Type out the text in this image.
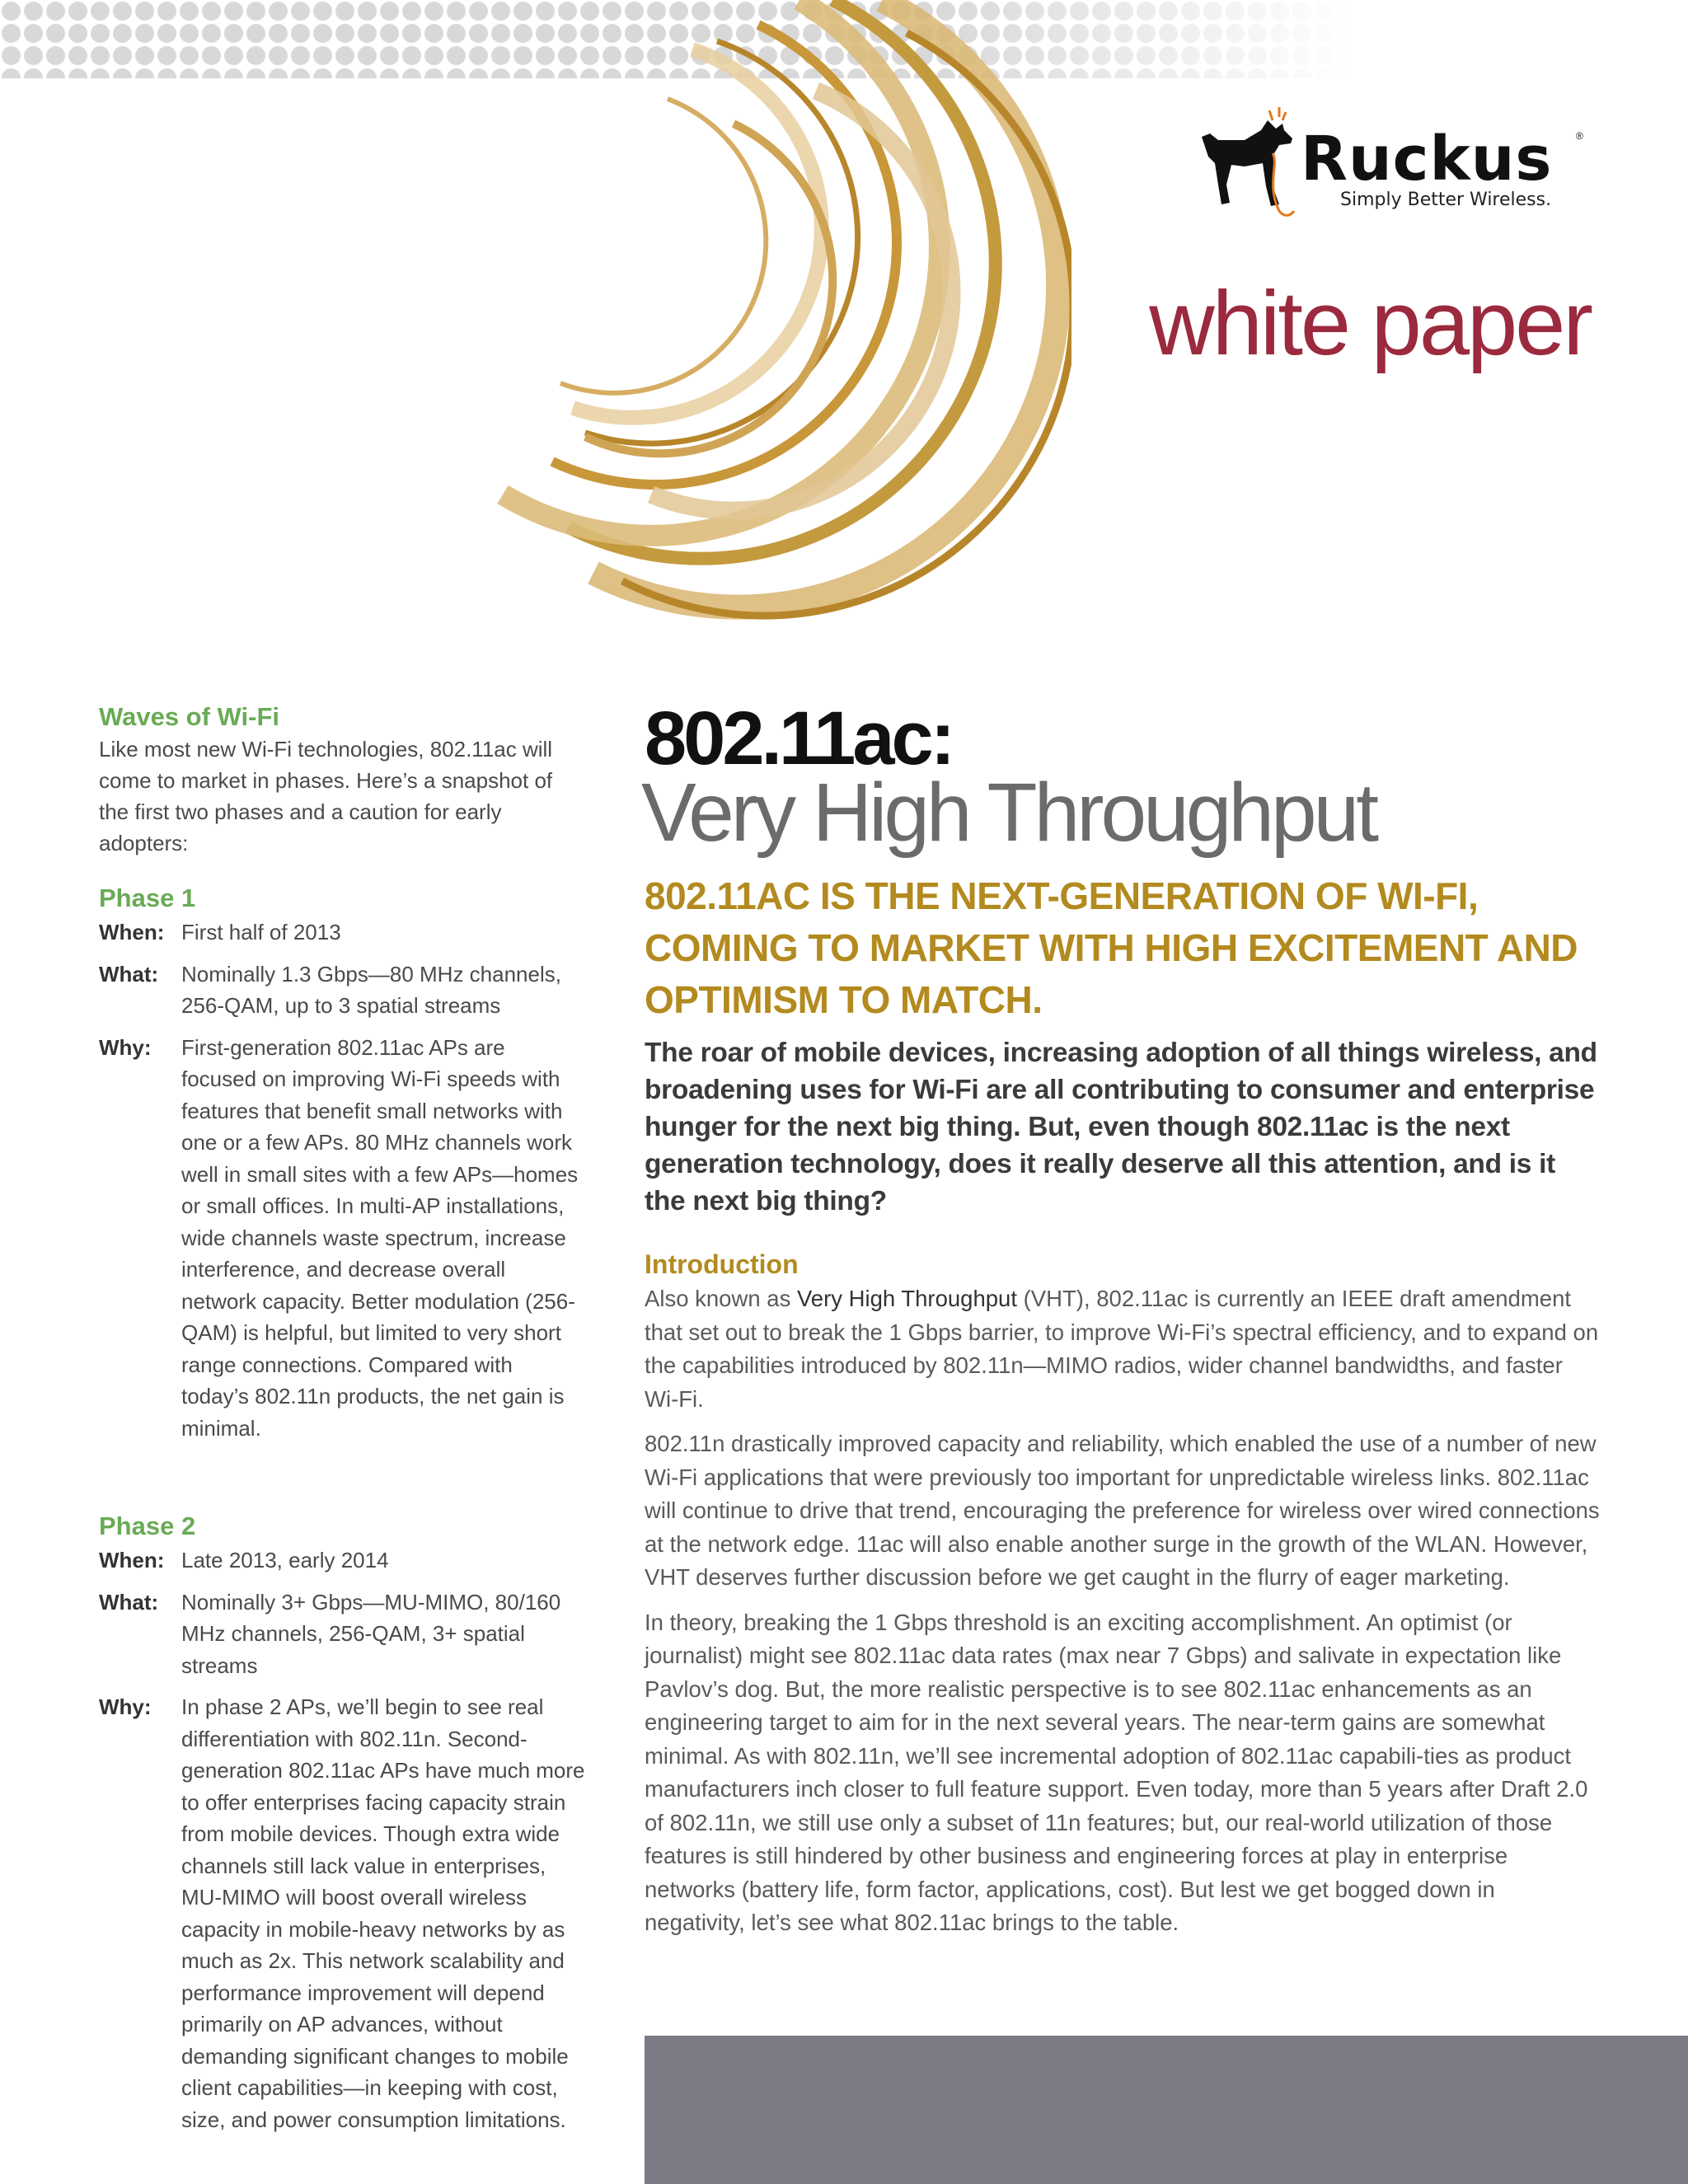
Ruckus ®
Simply Better Wireless.
white paper
Waves of Wi-Fi

Like most new Wi-Fi technologies, 802.11ac will come to market in phases. Here’s a snapshot of the first two phases and a caution for early adopters:

Phase 1
When: First half of 2013
What:	Nominally 1.3 Gbps—80 MHz channels, 256-QAM, up to 3 spatial streams
Why:	First-generation 802.11ac APs are focused on improving Wi-Fi speeds with features that benefit small networks with one or a few APs. 80 MHz channels work well in small sites with a few APs—homes or small offices. In multi-AP installations, wide channels waste spectrum, increase interference, and decrease overall network capacity. Better modulation (256-QAM) is helpful, but limited to very short range connections. Compared with today’s 802.11n products, the net gain is minimal.
Phase 2
When: Late 2013, early 2014
What:	Nominally 3+ Gbps—MU-MIMO, 80/160 MHz channels, 256-QAM, 3+ spatial streams
Why:	In phase 2 APs, we’ll begin to see real differentiation with 802.11n. Second-generation 802.11ac APs have much more to offer enterprises facing capacity strain from mobile devices. Though extra wide channels still lack value in enterprises, MU-MIMO will boost overall wireless capacity in mobile-heavy networks by as much as 2x. This network scalability and performance improvement will depend primarily on AP advances, without demanding significant changes to mobile client capabilities—in keeping with cost, size, and power consumption limitations.
802.11ac:
Very High Throughput

802.11AC IS THE NEXT-GENERATION OF WI-FI, COMING TO MARKET WITH HIGH EXCITEMENT AND OPTIMISM TO MATCH.

The roar of mobile devices, increasing adoption of all things wireless, and broadening uses for Wi-Fi are all contributing to consumer and enterprise hunger for the next big thing. But, even though 802.11ac is the next generation technology, does it really deserve all this attention, and is it the next big thing?

Introduction

Also known as Very High Throughput (VHT), 802.11ac is currently an IEEE draft amendment that set out to break the 1 Gbps barrier, to improve Wi-Fi’s spectral efficiency, and to expand on the capabilities introduced by 802.11n—MIMO radios, wider channel bandwidths, and faster Wi-Fi.

802.11n drastically improved capacity and reliability, which enabled the use of a number of new Wi-Fi applications that were previously too important for unpredictable wireless links. 802.11ac will continue to drive that trend, encouraging the preference for wireless over wired connections at the network edge. 11ac will also enable another surge in the growth of the WLAN. However, VHT deserves further discussion before we get caught in the flurry of eager marketing.

In theory, breaking the 1 Gbps threshold is an exciting accomplishment. An optimist (or journalist) might see 802.11ac data rates (max near 7 Gbps) and salivate in expectation like Pavlov’s dog. But, the more realistic perspective is to see 802.11ac enhancements as an engineering target to aim for in the next several years. The near-term gains are somewhat minimal. As with 802.11n, we’ll see incremental adoption of 802.11ac capabili-ties as product manufacturers inch closer to full feature support. Even today, more than 5 years after Draft 2.0 of 802.11n, we still use only a subset of 11n features; but, our real-world utilization of those features is still hindered by other business and engineering forces at play in enterprise networks (battery life, form factor, applications, cost). But lest we get bogged down in negativity, let’s see what 802.11ac brings to the table.
